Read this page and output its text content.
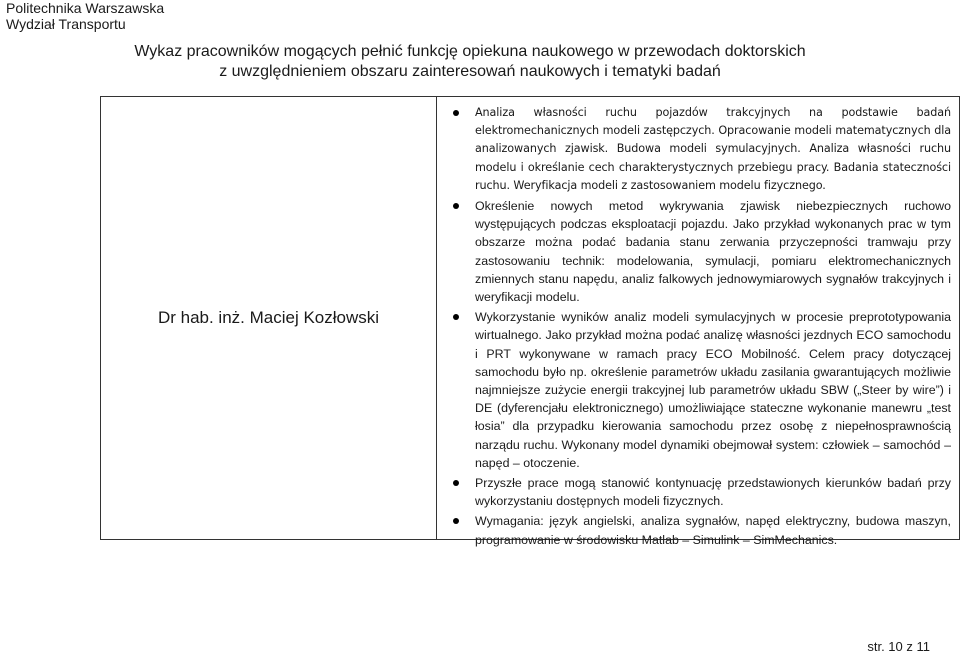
Politechnika Warszawska
Wydział Transportu
Wykaz pracowników mogących pełnić funkcję opiekuna naukowego w przewodach doktorskich
z uwzględnieniem obszaru zainteresowań naukowych i tematyki badań
Dr hab. inż. Maciej Kozłowski

Analiza własności ruchu pojazdów trakcyjnych na podstawie badań elektromechanicznych modeli zastępczych. Opracowanie modeli matematycznych dla analizowanych zjawisk. Budowa modeli symulacyjnych. Analiza własności ruchu modelu i określanie cech charakterystycznych przebiegu pracy. Badania stateczności ruchu. Weryfikacja modeli z zastosowaniem modelu fizycznego.

Określenie nowych metod wykrywania zjawisk niebezpiecznych ruchowo występujących podczas eksploatacji pojazdu. Jako przykład wykonanych prac w tym obszarze można podać badania stanu zerwania przyczepności tramwaju przy zastosowaniu technik: modelowania, symulacji, pomiaru elektromechanicznych zmiennych stanu napędu, analiz falkowych jednowymiarowych sygnałów trakcyjnych i weryfikacji modelu.

Wykorzystanie wyników analiz modeli symulacyjnych w procesie preprototypowania wirtualnego. Jako przykład można podać analizę własności jezdnych ECO samochodu i PRT wykonywane w ramach pracy ECO Mobilność. Celem pracy dotyczącej samochodu było np. określenie parametrów układu zasilania gwarantujących możliwie najmniejsze zużycie energii trakcyjnej lub parametrów układu SBW („Steer by wire”) i DE (dyferencjału elektronicznego) umożliwiające stateczne wykonanie manewru „test łosia” dla przypadku kierowania samochodu przez osobę z niepełnosprawnością narządu ruchu. Wykonany model dynamiki obejmował system: człowiek – samochód – napęd – otoczenie.

Przyszłe prace mogą stanowić kontynuację przedstawionych kierunków badań przy wykorzystaniu dostępnych modeli fizycznych.

Wymagania: język angielski, analiza sygnałów, napęd elektryczny, budowa maszyn, programowanie w środowisku Matlab – Simulink – SimMechanics.

str. 10 z 11
